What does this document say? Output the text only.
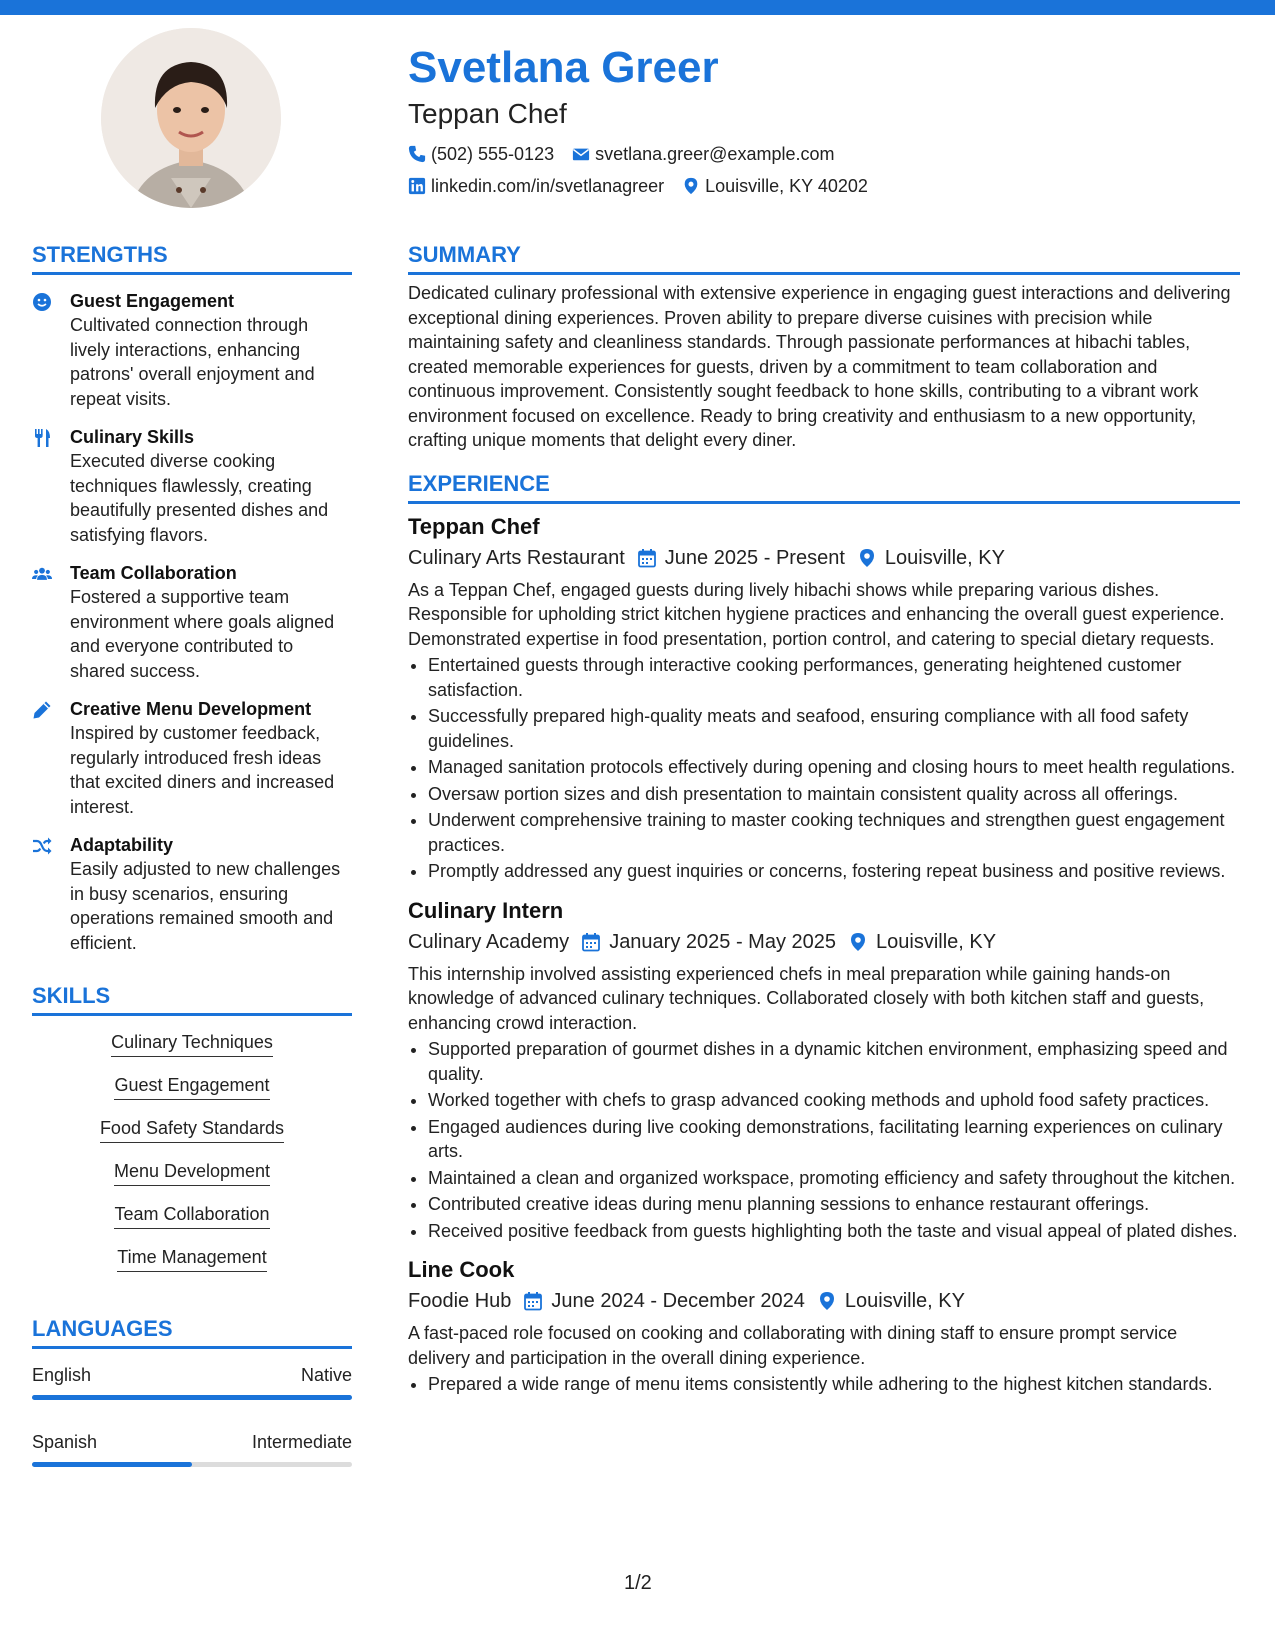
Svetlana Greer
Teppan Chef
(502) 555-0123 svetlana.greer@example.com
linkedin.com/in/svetlanagreer Louisville, KY 40202
STRENGTHS
Guest Engagement
Cultivated connection through lively interactions, enhancing patrons' overall enjoyment and repeat visits.
Culinary Skills
Executed diverse cooking techniques flawlessly, creating beautifully presented dishes and satisfying flavors.
Team Collaboration
Fostered a supportive team environment where goals aligned and everyone contributed to shared success.
Creative Menu Development
Inspired by customer feedback, regularly introduced fresh ideas that excited diners and increased interest.
Adaptability
Easily adjusted to new challenges in busy scenarios, ensuring operations remained smooth and efficient.
SKILLS
Culinary Techniques
Guest Engagement
Food Safety Standards
Menu Development
Team Collaboration
Time Management
LANGUAGES
English	Native
Spanish	Intermediate
SUMMARY
Dedicated culinary professional with extensive experience in engaging guest interactions and delivering exceptional dining experiences. Proven ability to prepare diverse cuisines with precision while maintaining safety and cleanliness standards. Through passionate performances at hibachi tables, created memorable experiences for guests, driven by a commitment to team collaboration and continuous improvement. Consistently sought feedback to hone skills, contributing to a vibrant work environment focused on excellence. Ready to bring creativity and enthusiasm to a new opportunity, crafting unique moments that delight every diner.
EXPERIENCE
Teppan Chef
Culinary Arts Restaurant June 2025 - Present Louisville, KY
As a Teppan Chef, engaged guests during lively hibachi shows while preparing various dishes. Responsible for upholding strict kitchen hygiene practices and enhancing the overall guest experience. Demonstrated expertise in food presentation, portion control, and catering to special dietary requests.
• Entertained guests through interactive cooking performances, generating heightened customer satisfaction.
• Successfully prepared high-quality meats and seafood, ensuring compliance with all food safety guidelines.
• Managed sanitation protocols effectively during opening and closing hours to meet health regulations.
• Oversaw portion sizes and dish presentation to maintain consistent quality across all offerings.
• Underwent comprehensive training to master cooking techniques and strengthen guest engagement practices.
• Promptly addressed any guest inquiries or concerns, fostering repeat business and positive reviews.
Culinary Intern
Culinary Academy January 2025 - May 2025 Louisville, KY
This internship involved assisting experienced chefs in meal preparation while gaining hands-on knowledge of advanced culinary techniques. Collaborated closely with both kitchen staff and guests, enhancing crowd interaction.
• Supported preparation of gourmet dishes in a dynamic kitchen environment, emphasizing speed and quality.
• Worked together with chefs to grasp advanced cooking methods and uphold food safety practices.
• Engaged audiences during live cooking demonstrations, facilitating learning experiences on culinary arts.
• Maintained a clean and organized workspace, promoting efficiency and safety throughout the kitchen.
• Contributed creative ideas during menu planning sessions to enhance restaurant offerings.
• Received positive feedback from guests highlighting both the taste and visual appeal of plated dishes.
Line Cook
Foodie Hub June 2024 - December 2024 Louisville, KY
A fast-paced role focused on cooking and collaborating with dining staff to ensure prompt service delivery and participation in the overall dining experience.
• Prepared a wide range of menu items consistently while adhering to the highest kitchen standards.
1/2
